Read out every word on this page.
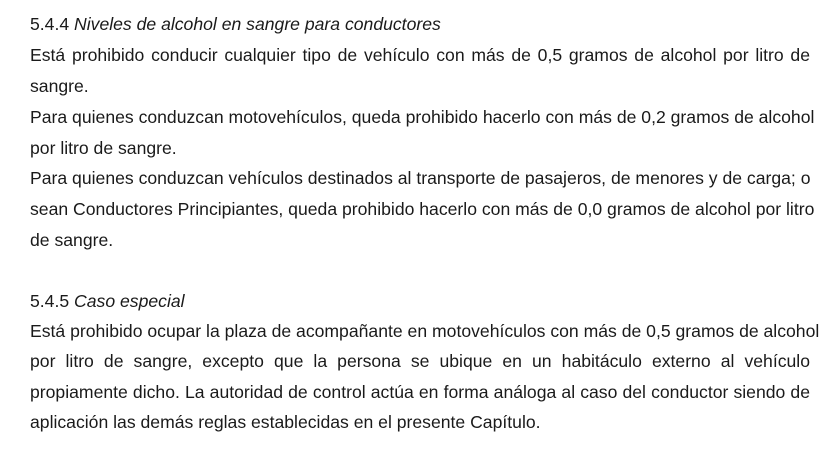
5.4.4 Niveles de alcohol en sangre para conductores
Está prohibido conducir cualquier tipo de vehículo con más de 0,5 gramos de alcohol por litro de
sangre.
Para quienes conduzcan motovehículos, queda prohibido hacerlo con más de 0,2 gramos de alcohol
por litro de sangre.
Para quienes conduzcan vehículos destinados al transporte de pasajeros, de menores y de carga; o
sean Conductores Principiantes, queda prohibido hacerlo con más de 0,0 gramos de alcohol por litro
de sangre.
5.4.5 Caso especial
Está prohibido ocupar la plaza de acompañante en motovehículos con más de 0,5 gramos de alcohol
por litro de sangre, excepto que la persona se ubique en un habitáculo externo al vehículo
propiamente dicho. La autoridad de control actúa en forma análoga al caso del conductor siendo de
aplicación las demás reglas establecidas en el presente Capítulo.
